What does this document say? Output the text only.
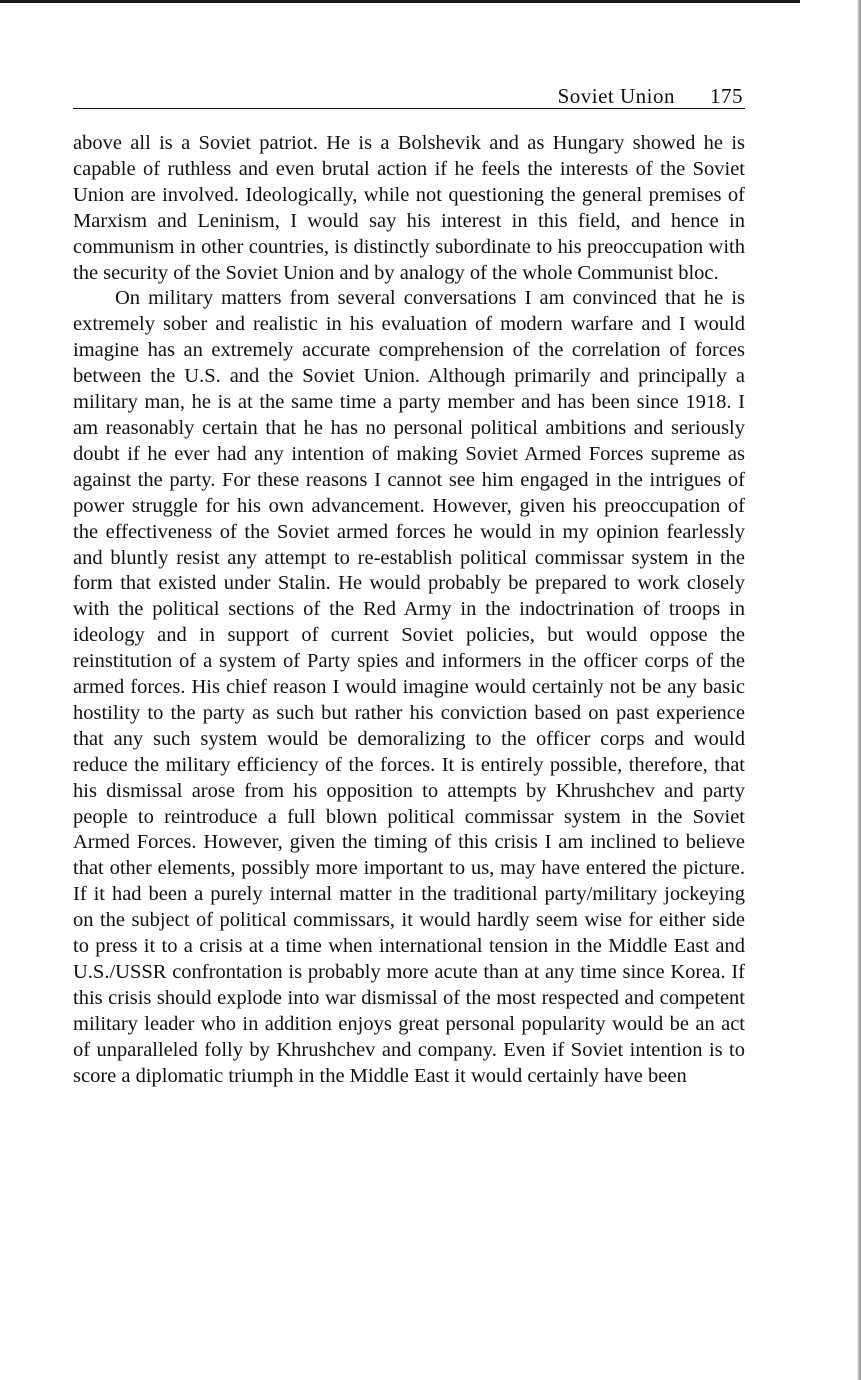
Soviet Union 175

above all is a Soviet patriot. He is a Bolshevik and as Hungary showed he is capable of ruthless and even brutal action if he feels the interests of the Soviet Union are involved. Ideologically, while not questioning the general premises of Marxism and Leninism, I would say his interest in this field, and hence in communism in other countries, is distinctly subordinate to his preoccupation with the security of the Soviet Union and by analogy of the whole Communist bloc.

On military matters from several conversations I am convinced that he is extremely sober and realistic in his evaluation of modern warfare and I would imagine has an extremely accurate comprehension of the correlation of forces between the U.S. and the Soviet Union. Although primarily and principally a military man, he is at the same time a party member and has been since 1918. I am reasonably certain that he has no personal political ambitions and seriously doubt if he ever had any intention of making Soviet Armed Forces supreme as against the party. For these reasons I cannot see him engaged in the intrigues of power struggle for his own advancement. However, given his preoccupation of the effectiveness of the Soviet armed forces he would in my opinion fearlessly and bluntly resist any attempt to re-establish political commissar system in the form that existed under Stalin. He would probably be prepared to work closely with the political sections of the Red Army in the indoctrination of troops in ideology and in support of current Soviet policies, but would oppose the reinstitution of a system of Party spies and informers in the officer corps of the armed forces. His chief reason I would imagine would certainly not be any basic hostility to the party as such but rather his conviction based on past experience that any such system would be demoralizing to the officer corps and would reduce the military efficiency of the forces. It is entirely possible, therefore, that his dismissal arose from his opposition to attempts by Khrushchev and party people to reintroduce a full blown political commissar system in the Soviet Armed Forces. However, given the timing of this crisis I am inclined to believe that other elements, possibly more important to us, may have entered the picture. If it had been a purely internal matter in the traditional party/military jockeying on the subject of political commissars, it would hardly seem wise for either side to press it to a crisis at a time when international tension in the Middle East and U.S./USSR confrontation is probably more acute than at any time since Korea. If this crisis should explode into war dismissal of the most respected and competent military leader who in addition enjoys great personal popularity would be an act of unparalleled folly by Khrushchev and company. Even if Soviet intention is to score a diplomatic triumph in the Middle East it would certainly have been
